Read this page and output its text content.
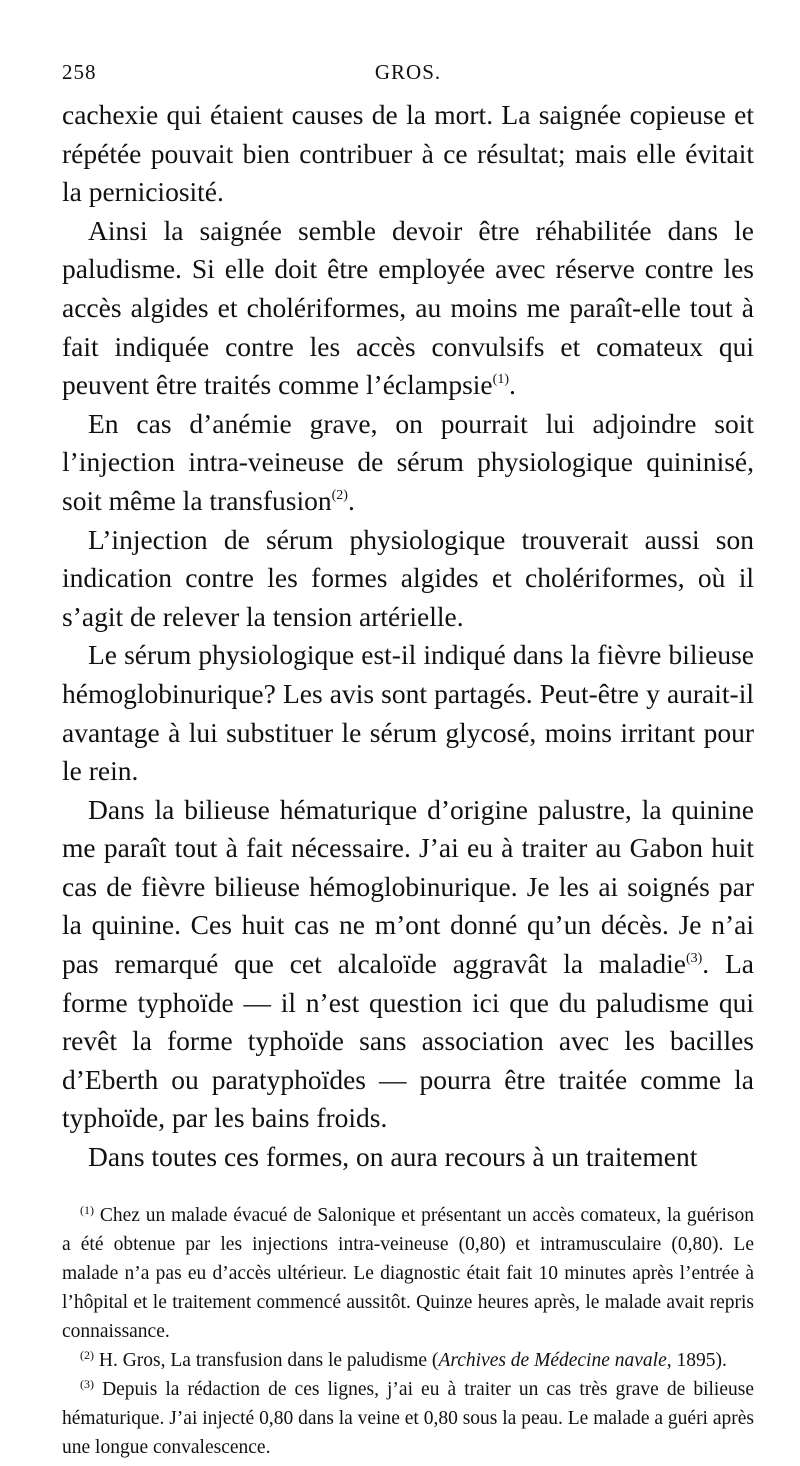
258	GROS.

cachexie qui étaient causes de la mort. La saignée copieuse et répétée pouvait bien contribuer à ce résultat; mais elle évitait la perniciosité.

Ainsi la saignée semble devoir être réhabilitée dans le paludisme. Si elle doit être employée avec réserve contre les accès algides et cholériformes, au moins me paraît-elle tout à fait indiquée contre les accès convulsifs et comateux qui peuvent être traités comme l’éclampsie$^{(1)}$.

En cas d’anémie grave, on pourrait lui adjoindre soit l’injection intra-veineuse de sérum physiologique quininisé, soit même la transfusion$^{(2)}$.

L’injection de sérum physiologique trouverait aussi son indication contre les formes algides et cholériformes, où il s’agit de relever la tension artérielle.

Le sérum physiologique est-il indiqué dans la fièvre bilieuse hémoglobinurique? Les avis sont partagés. Peut-être y aurait-il avantage à lui substituer le sérum glycosé, moins irritant pour le rein.

Dans la bilieuse hématurique d’origine palustre, la quinine me paraît tout à fait nécessaire. J’ai eu à traiter au Gabon huit cas de fièvre bilieuse hémoglobinurique. Je les ai soignés par la quinine. Ces huit cas ne m’ont donné qu’un décès. Je n’ai pas remarqué que cet alcaloïde aggravât la maladie$^{(3)}$. La forme typhoïde — il n’est question ici que du paludisme qui revêt la forme typhoïde sans association avec les bacilles d’Eberth ou paratyphoïdes — pourra être traitée comme la typhoïde, par les bains froids.

Dans toutes ces formes, on aura recours à un traitement

$^{(1)}$ Chez un malade évacué de Salonique et présentant un accès comateux, la guérison a été obtenue par les injections intra-veineuse (0,80) et intramusculaire (0,80). Le malade n’a pas eu d’accès ultérieur. Le diagnostic était fait 10 minutes après l’entrée à l’hôpital et le traitement commencé aussitôt. Quinze heures après, le malade avait repris connaissance.

$^{(2)}$ H. Gros, La transfusion dans le paludisme (Archives de Médecine navale, 1895).

$^{(3)}$ Depuis la rédaction de ces lignes, j’ai eu à traiter un cas très grave de bilieuse hématurique. J’ai injecté 0,80 dans la veine et 0,80 sous la peau. Le malade a guéri après une longue convalescence.
